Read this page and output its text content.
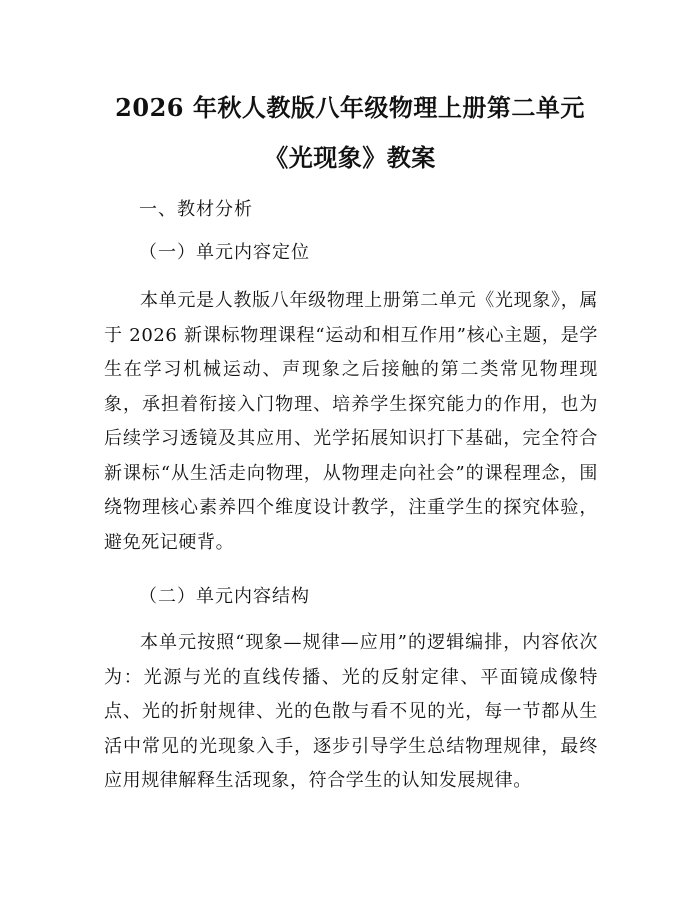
2026 年秋人教版八年级物理上册第二单元
《光现象》教案

一、教材分析

（一）单元内容定位

本单元是人教版八年级物理上册第二单元《光现象》，属于 2026 新课标物理课程“运动和相互作用”核心主题，是学生在学习机械运动、声现象之后接触的第二类常见物理现象，承担着衔接入门物理、培养学生探究能力的作用，也为后续学习透镜及其应用、光学拓展知识打下基础，完全符合新课标“从生活走向物理，从物理走向社会”的课程理念，围绕物理核心素养四个维度设计教学，注重学生的探究体验，避免死记硬背。

（二）单元内容结构

本单元按照“现象—规律—应用”的逻辑编排，内容依次为：光源与光的直线传播、光的反射定律、平面镜成像特点、光的折射规律、光的色散与看不见的光，每一节都从生活中常见的光现象入手，逐步引导学生总结物理规律，最终应用规律解释生活现象，符合学生的认知发展规律。
